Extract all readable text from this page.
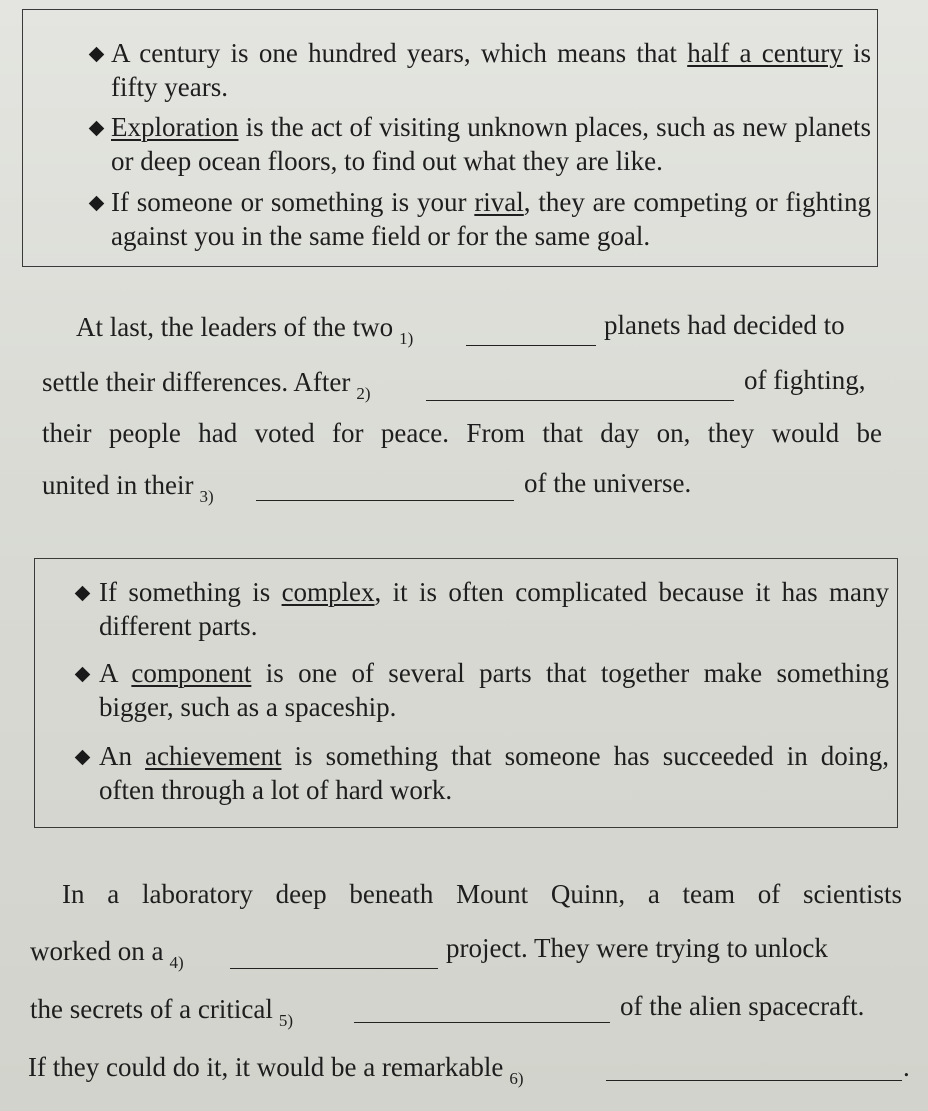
A century is one hundred years, which means that half a century is fifty years.
Exploration is the act of visiting unknown places, such as new planets or deep ocean floors, to find out what they are like.
If someone or something is your rival, they are competing or fighting against you in the same field or for the same goal.
At last, the leaders of the two $_{1)}$	planets had decided to
settle their differences. After $_{2)}$	of fighting,
their people had voted for peace. From that day on, they would be
united in their $_{3)}$	of the universe.
If something is complex, it is often complicated because it has many different parts.
A component is one of several parts that together make something bigger, such as a spaceship.
An achievement is something that someone has succeeded in doing, often through a lot of hard work.
In a laboratory deep beneath Mount Quinn, a team of scientists
worked on a $_{4)}$	project. They were trying to unlock
the secrets of a critical $_{5)}$	of the alien spacecraft.
If they could do it, it would be a remarkable $_{6)}$	.
